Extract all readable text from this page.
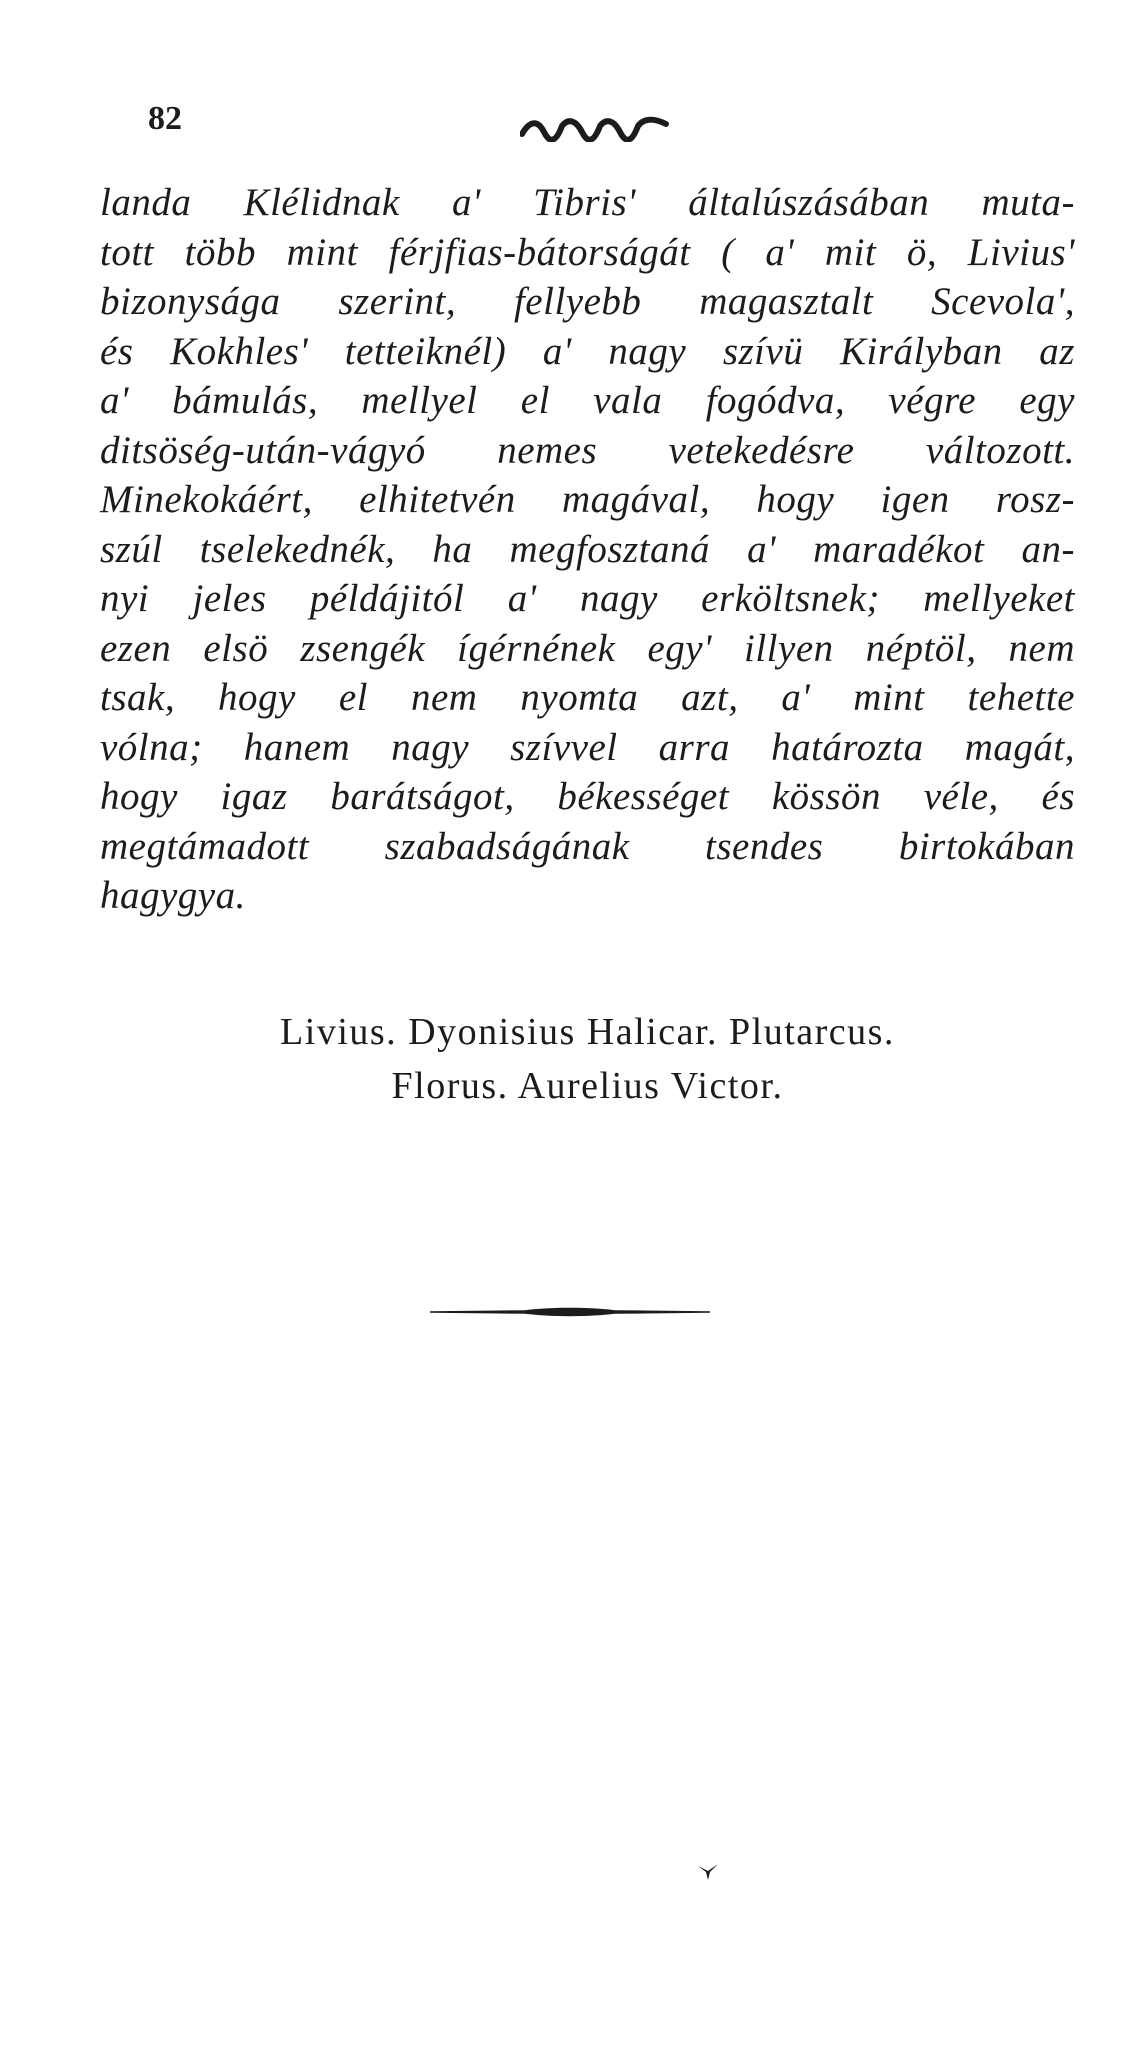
82
landa Klélidnak a' Tibris' általúszásában muta-
tott több mint férjfias-bátorságát ( a' mit ö, Livius'
bizonysága szerint, fellyebb magasztalt Scevola',
és Kokhles' tetteiknél) a' nagy szívü Királyban az
a' bámulás, mellyel el vala fogódva, végre egy
ditsöség-után-vágyó nemes vetekedésre változott.
Minekokáért, elhitetvén magával, hogy igen rosz-
szúl tselekednék, ha megfosztaná a' maradékot an-
nyi jeles példájitól a' nagy erköltsnek; mellyeket
ezen elsö zsengék ígérnének egy' illyen néptöl, nem
tsak, hogy el nem nyomta azt, a' mint tehette
vólna; hanem nagy szívvel arra határozta magát,
hogy igaz barátságot, békességet kössön véle, és
megtámadott szabadságának tsendes birtokában
hagygya.
Livius. Dyonisius Halicar. Plutarcus.
Florus. Aurelius Victor.
